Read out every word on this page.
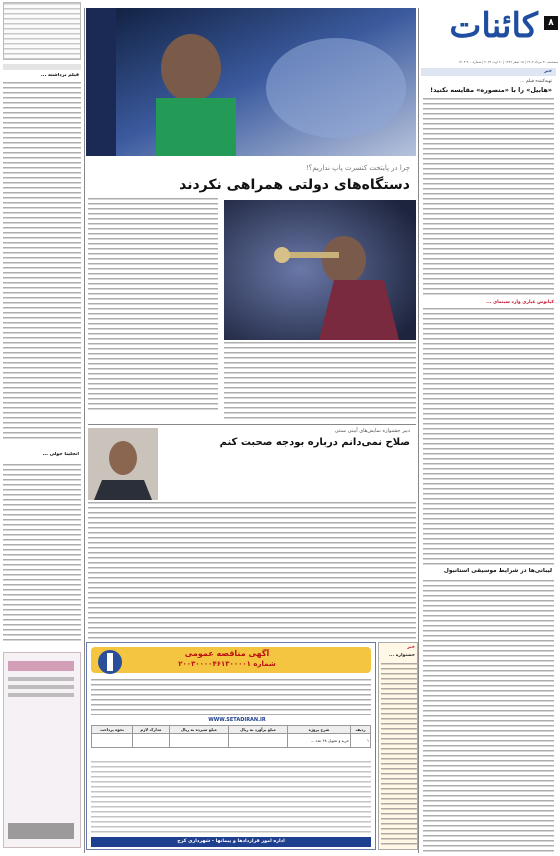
۸
کائنات
سه‌شنبه ۳۰ مرداد ۱۴۰۳ | ۱۵ صفر ۱۴۴۶ | ۲۰ اوت ۲۰۲۴ | شماره ۴۰۰ ۱۴۰۳
خبر
تهیه‌کننده فیلم ...
«هابیل» را با «منصوره» مقایسه نکنید!
کیانوش عیاری وارد سینمای ...
لیبانی‌ها در شرایط موسیقی استانبول
فیلم برداشته ...
آنجلینا جولی ...
چرا در پایتخت کنسرت پاپ نداریم؟!
دستگاه‌های دولتی همراهی نکردند
دبیر جشنواره نمایش‌های آیینی سنتی
صلاح نمی‌دانم درباره بودجه صحبت کنم
آگهی مناقصه عمومی
شماره ۲۰۰۳۰۰۰۰۴۶۱۳۰۰۰۰۱
WWW.SETADIRAN.IR
ردیف	شرح پروژه	مبلغ برآورد به ریال	مبلغ سپرده به ریال	مدارک لازم	نحوه پرداخت
۱	خرید و تحویل ۴۸ عدد ...				
اداره امور قراردادها و پیمانها - شهرداری کرج
خبر
جشنواره ...
